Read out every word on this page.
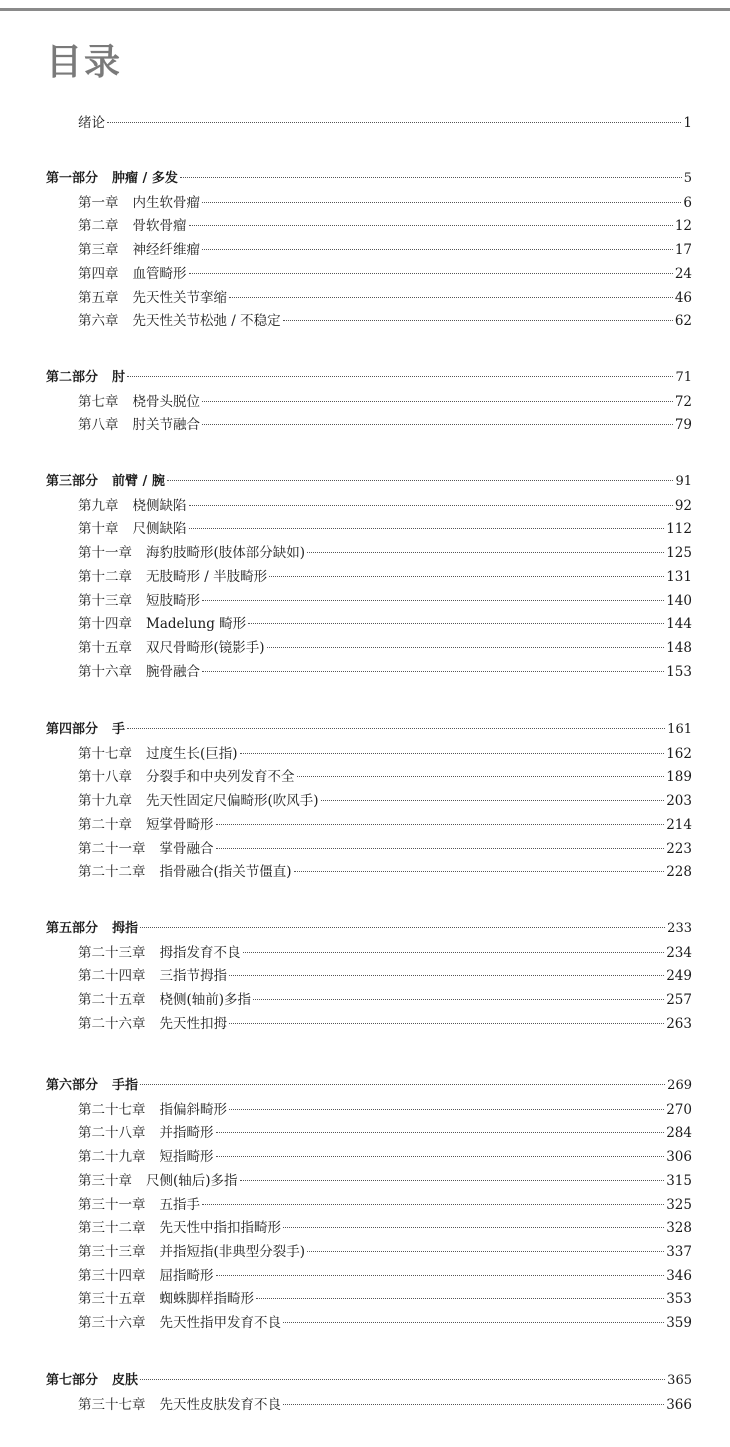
目录
绪论	1
第一部分 肿瘤 / 多发	5
第一章 内生软骨瘤	6
第二章 骨软骨瘤	12
第三章 神经纤维瘤	17
第四章 血管畸形	24
第五章 先天性关节挛缩	46
第六章 先天性关节松弛 / 不稳定	62
第二部分 肘	71
第七章 桡骨头脱位	72
第八章 肘关节融合	79
第三部分 前臂 / 腕	91
第九章 桡侧缺陷	92
第十章 尺侧缺陷	112
第十一章 海豹肢畸形(肢体部分缺如)	125
第十二章 无肢畸形 / 半肢畸形	131
第十三章 短肢畸形	140
第十四章 Madelung 畸形	144
第十五章 双尺骨畸形(镜影手)	148
第十六章 腕骨融合	153
第四部分 手	161
第十七章 过度生长(巨指)	162
第十八章 分裂手和中央列发育不全	189
第十九章 先天性固定尺偏畸形(吹风手)	203
第二十章 短掌骨畸形	214
第二十一章 掌骨融合	223
第二十二章 指骨融合(指关节僵直)	228
第五部分 拇指	233
第二十三章 拇指发育不良	234
第二十四章 三指节拇指	249
第二十五章 桡侧(轴前)多指	257
第二十六章 先天性扣拇	263
第六部分 手指	269
第二十七章 指偏斜畸形	270
第二十八章 并指畸形	284
第二十九章 短指畸形	306
第三十章 尺侧(轴后)多指	315
第三十一章 五指手	325
第三十二章 先天性中指扣指畸形	328
第三十三章 并指短指(非典型分裂手)	337
第三十四章 屈指畸形	346
第三十五章 蜘蛛脚样指畸形	353
第三十六章 先天性指甲发育不良	359
第七部分 皮肤	365
第三十七章 先天性皮肤发育不良	366
